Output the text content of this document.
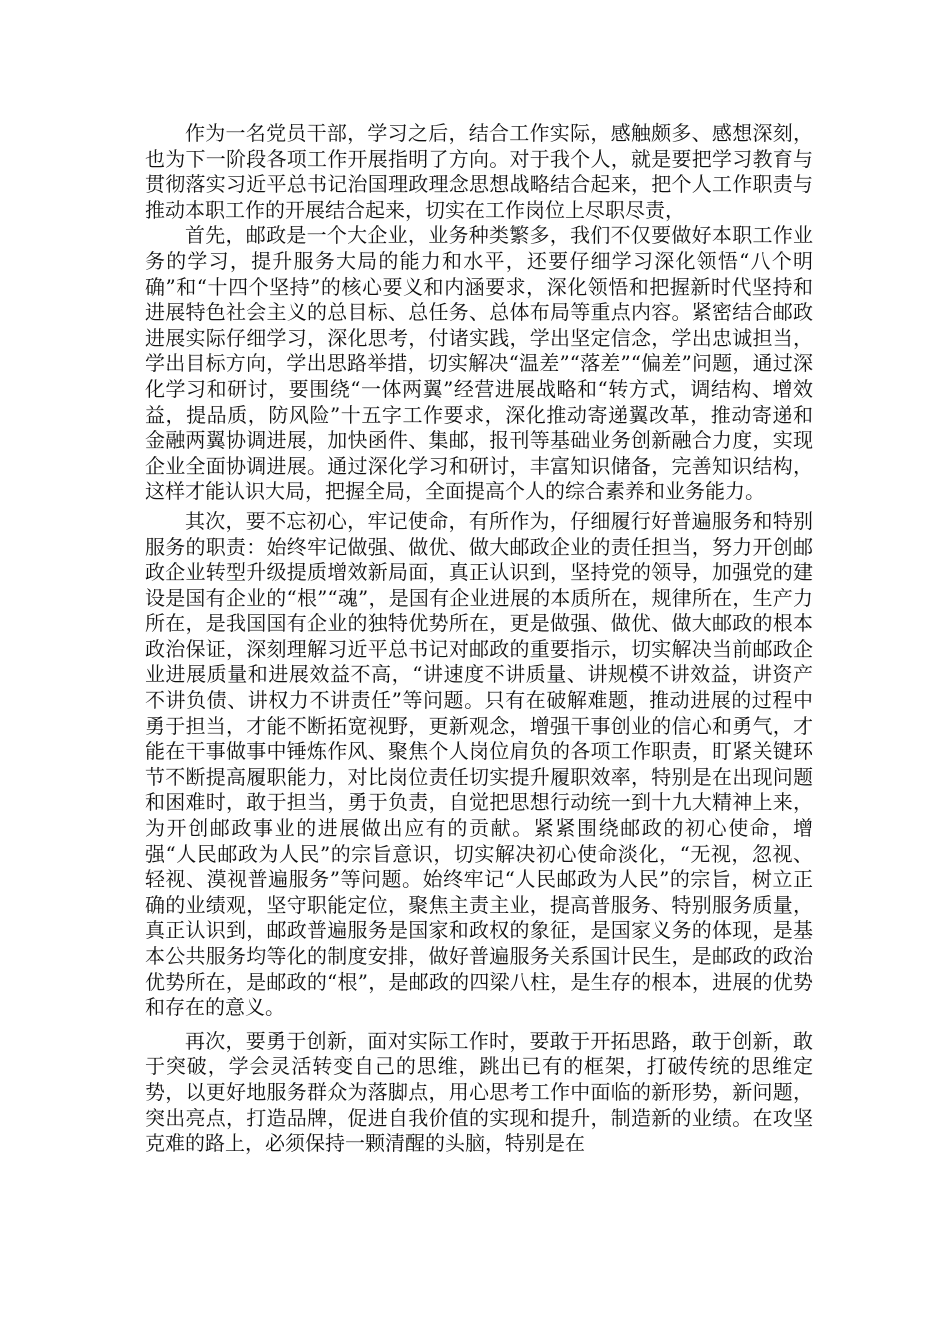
作为一名党员干部，学习之后，结合工作实际，感触颇多、感想深刻，也为下一阶段各项工作开展指明了方向。对于我个人，就是要把学习教育与贯彻落实习近平总书记治国理政理念思想战略结合起来，把个人工作职责与推动本职工作的开展结合起来，切实在工作岗位上尽职尽责，

首先，邮政是一个大企业，业务种类繁多，我们不仅要做好本职工作业务的学习，提升服务大局的能力和水平，还要仔细学习深化领悟“八个明确”和“十四个坚持”的核心要义和内涵要求，深化领悟和把握新时代坚持和进展特色社会主义的总目标、总任务、总体布局等重点内容。紧密结合邮政进展实际仔细学习，深化思考，付诸实践，学出坚定信念，学出忠诚担当，学出目标方向，学出思路举措，切实解决“温差”“落差”“偏差”问题，通过深化学习和研讨，要围绕“一体两翼”经营进展战略和“转方式，调结构、增效益，提品质，防风险”十五字工作要求，深化推动寄递翼改革，推动寄递和金融两翼协调进展，加快函件、集邮，报刊等基础业务创新融合力度，实现企业全面协调进展。通过深化学习和研讨，丰富知识储备，完善知识结构，这样才能认识大局，把握全局，全面提高个人的综合素养和业务能力。

其次，要不忘初心，牢记使命，有所作为，仔细履行好普遍服务和特别服务的职责：始终牢记做强、做优、做大邮政企业的责任担当，努力开创邮政企业转型升级提质增效新局面，真正认识到，坚持党的领导，加强党的建设是国有企业的“根”“魂”，是国有企业进展的本质所在，规律所在，生产力所在，是我国国有企业的独特优势所在，更是做强、做优、做大邮政的根本政治保证，深刻理解习近平总书记对邮政的重要指示，切实解决当前邮政企业进展质量和进展效益不高，“讲速度不讲质量、讲规模不讲效益，讲资产不讲负债、讲权力不讲责任”等问题。只有在破解难题，推动进展的过程中勇于担当，才能不断拓宽视野，更新观念，增强干事创业的信心和勇气，才能在干事做事中锤炼作风、聚焦个人岗位肩负的各项工作职责，盯紧关键环节不断提高履职能力，对比岗位责任切实提升履职效率，特别是在出现问题和困难时，敢于担当，勇于负责，自觉把思想行动统一到十九大精神上来，为开创邮政事业的进展做出应有的贡献。紧紧围绕邮政的初心使命，增强“人民邮政为人民”的宗旨意识，切实解决初心使命淡化，“无视，忽视、轻视、漠视普遍服务”等问题。始终牢记“人民邮政为人民”的宗旨，树立正确的业绩观，坚守职能定位，聚焦主责主业，提高普服务、特别服务质量，真正认识到，邮政普遍服务是国家和政权的象征，是国家义务的体现，是基本公共服务均等化的制度安排，做好普遍服务关系国计民生，是邮政的政治优势所在，是邮政的“根”，是邮政的四梁八柱，是生存的根本，进展的优势和存在的意义。

再次，要勇于创新，面对实际工作时，要敢于开拓思路，敢于创新，敢于突破，学会灵活转变自己的思维，跳出已有的框架，打破传统的思维定势，以更好地服务群众为落脚点，用心思考工作中面临的新形势，新问题，突出亮点，打造品牌，促进自我价值的实现和提升，制造新的业绩。在攻坚克难的路上，必须保持一颗清醒的头脑，特别是在
